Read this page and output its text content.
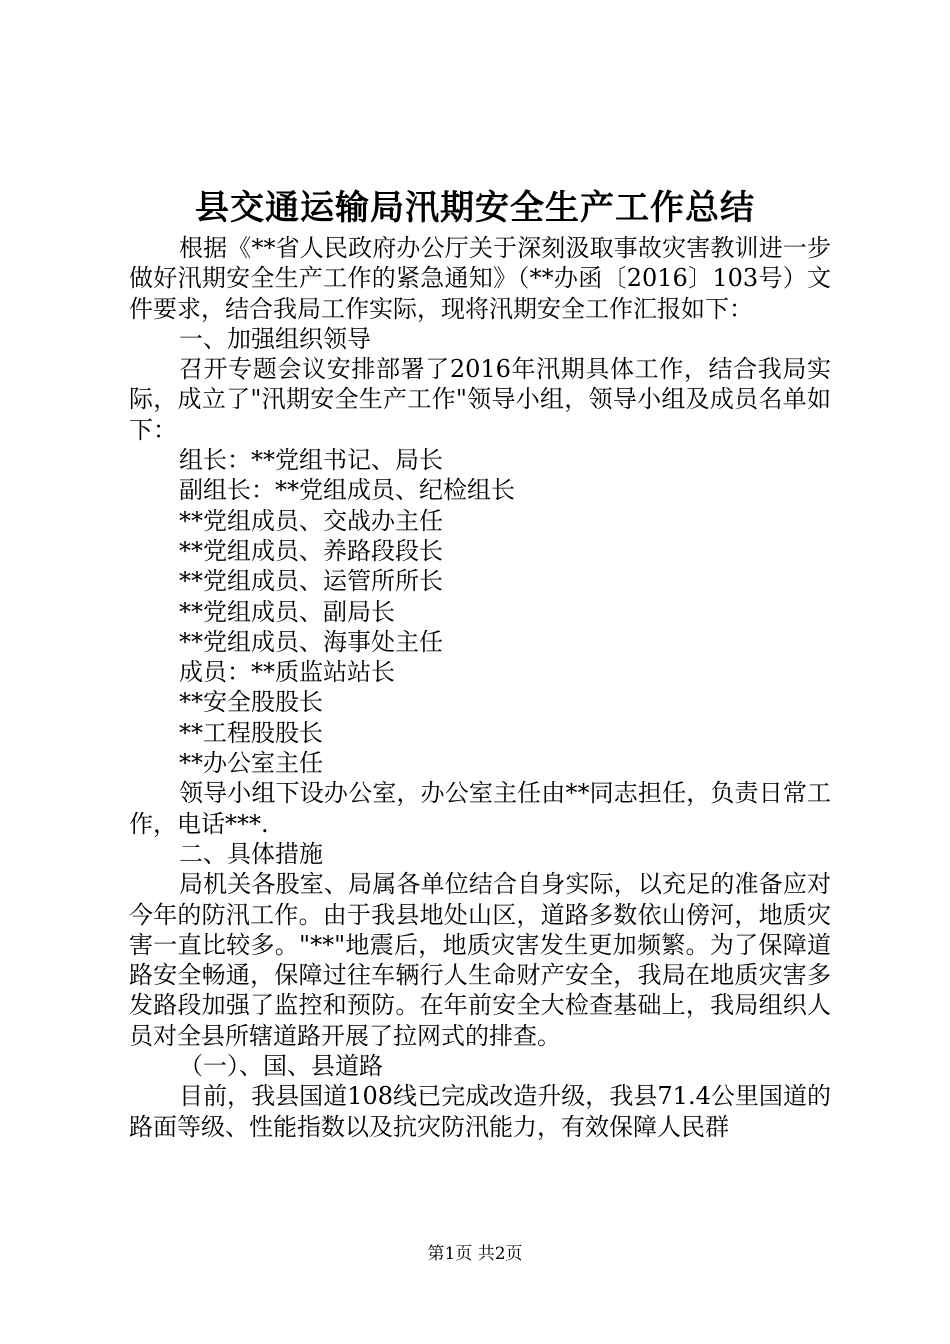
县交通运输局汛期安全生产工作总结

根据《**省人民政府办公厅关于深刻汲取事故灾害教训进一步做好汛期安全生产工作的紧急通知》（**办函〔2016〕103号）文件要求，结合我局工作实际，现将汛期安全工作汇报如下：

一、加强组织领导

召开专题会议安排部署了2016年汛期具体工作，结合我局实际，成立了"汛期安全生产工作"领导小组，领导小组及成员名单如下：

组长：**党组书记、局长

副组长：**党组成员、纪检组长

**党组成员、交战办主任

**党组成员、养路段段长

**党组成员、运管所所长

**党组成员、副局长

**党组成员、海事处主任

成员：**质监站站长

**安全股股长

**工程股股长

**办公室主任

领导小组下设办公室，办公室主任由**同志担任，负责日常工作，电话***.

二、具体措施

局机关各股室、局属各单位结合自身实际，以充足的准备应对今年的防汛工作。由于我县地处山区，道路多数依山傍河，地质灾害一直比较多。"**"地震后，地质灾害发生更加频繁。为了保障道路安全畅通，保障过往车辆行人生命财产安全，我局在地质灾害多发路段加强了监控和预防。在年前安全大检查基础上，我局组织人员对全县所辖道路开展了拉网式的排查。

（一）、国、县道路

目前，我县国道108线已完成改造升级，我县71.4公里国道的路面等级、性能指数以及抗灾防汛能力，有效保障人民群

第1页 共2页
